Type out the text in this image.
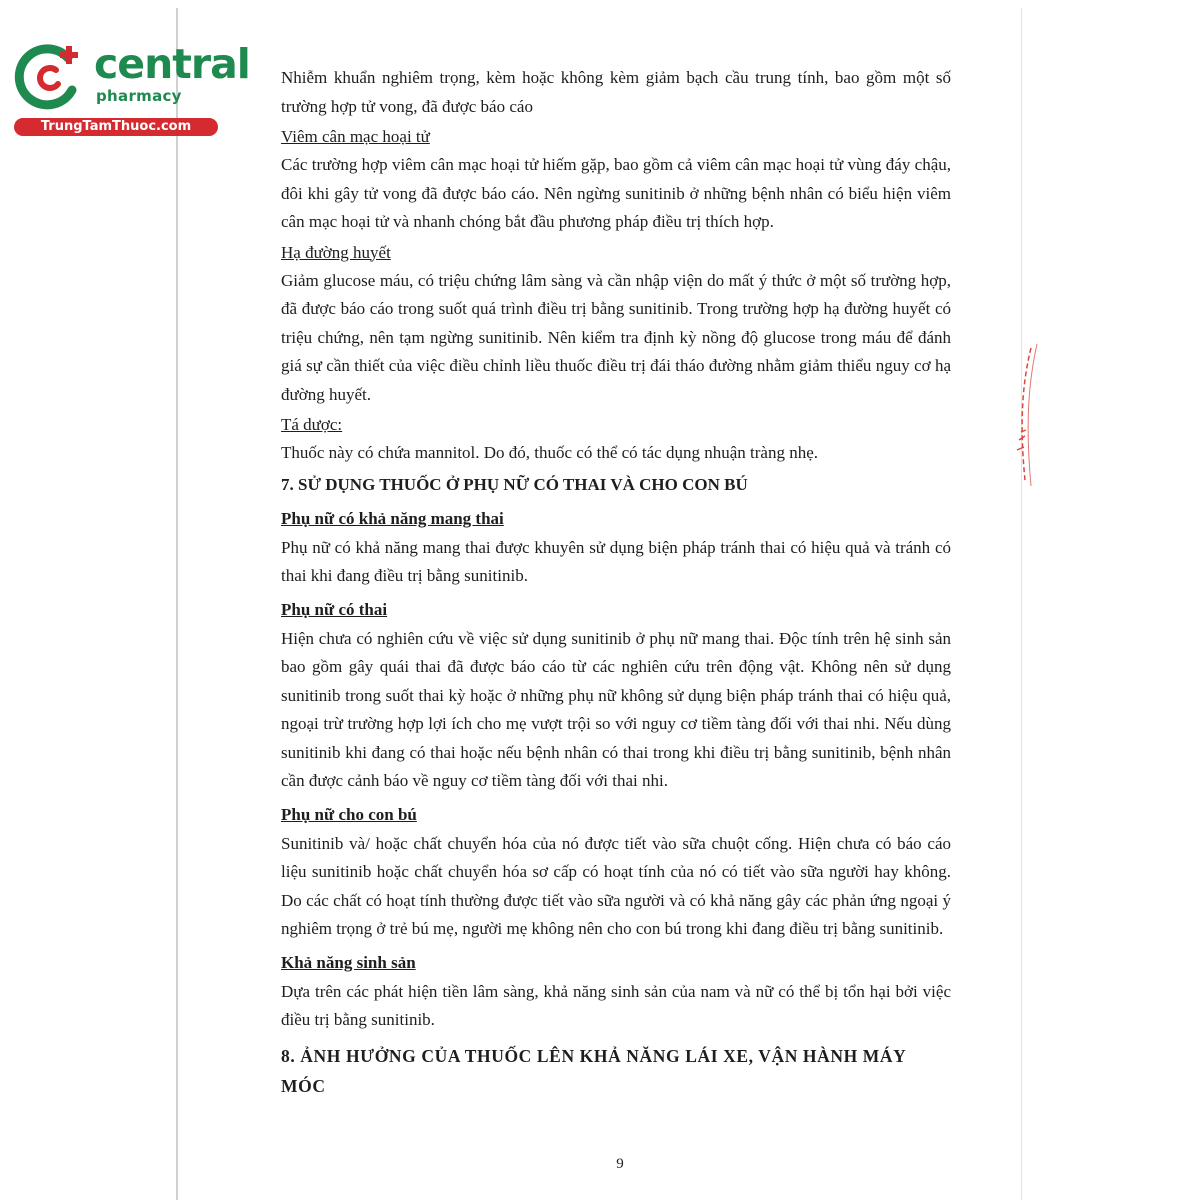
central
pharmacy
TrungTamThuoc.com

Nhiễm khuẩn nghiêm trọng, kèm hoặc không kèm giảm bạch cầu trung tính, bao gồm một số trường hợp tử vong, đã được báo cáo

Viêm cân mạc hoại tử

Các trường hợp viêm cân mạc hoại tử hiếm gặp, bao gồm cả viêm cân mạc hoại tử vùng đáy chậu, đôi khi gây tử vong đã được báo cáo. Nên ngừng sunitinib ở những bệnh nhân có biểu hiện viêm cân mạc hoại tử và nhanh chóng bắt đầu phương pháp điều trị thích hợp.

Hạ đường huyết

Giảm glucose máu, có triệu chứng lâm sàng và cần nhập viện do mất ý thức ở một số trường hợp, đã được báo cáo trong suốt quá trình điều trị bằng sunitinib. Trong trường hợp hạ đường huyết có triệu chứng, nên tạm ngừng sunitinib. Nên kiểm tra định kỳ nồng độ glucose trong máu để đánh giá sự cần thiết của việc điều chỉnh liều thuốc điều trị đái tháo đường nhằm giảm thiểu nguy cơ hạ đường huyết.

Tá dược:

Thuốc này có chứa mannitol. Do đó, thuốc có thể có tác dụng nhuận tràng nhẹ.

7. SỬ DỤNG THUỐC Ở PHỤ NỮ CÓ THAI VÀ CHO CON BÚ

Phụ nữ có khả năng mang thai

Phụ nữ có khả năng mang thai được khuyên sử dụng biện pháp tránh thai có hiệu quả và tránh có thai khi đang điều trị bằng sunitinib.

Phụ nữ có thai

Hiện chưa có nghiên cứu về việc sử dụng sunitinib ở phụ nữ mang thai. Độc tính trên hệ sinh sản bao gồm gây quái thai đã được báo cáo từ các nghiên cứu trên động vật. Không nên sử dụng sunitinib trong suốt thai kỳ hoặc ở những phụ nữ không sử dụng biện pháp tránh thai có hiệu quả, ngoại trừ trường hợp lợi ích cho mẹ vượt trội so với nguy cơ tiềm tàng đối với thai nhi. Nếu dùng sunitinib khi đang có thai hoặc nếu bệnh nhân có thai trong khi điều trị bằng sunitinib, bệnh nhân cần được cảnh báo về nguy cơ tiềm tàng đối với thai nhi.

Phụ nữ cho con bú

Sunitinib và/ hoặc chất chuyển hóa của nó được tiết vào sữa chuột cống. Hiện chưa có báo cáo liệu sunitinib hoặc chất chuyển hóa sơ cấp có hoạt tính của nó có tiết vào sữa người hay không. Do các chất có hoạt tính thường được tiết vào sữa người và có khả năng gây các phản ứng ngoại ý nghiêm trọng ở trẻ bú mẹ, người mẹ không nên cho con bú trong khi đang điều trị bằng sunitinib.

Khả năng sinh sản

Dựa trên các phát hiện tiền lâm sàng, khả năng sinh sản của nam và nữ có thể bị tổn hại bởi việc điều trị bằng sunitinib.

8. ẢNH HƯỞNG CỦA THUỐC LÊN KHẢ NĂNG LÁI XE, VẬN HÀNH MÁY MÓC

9
